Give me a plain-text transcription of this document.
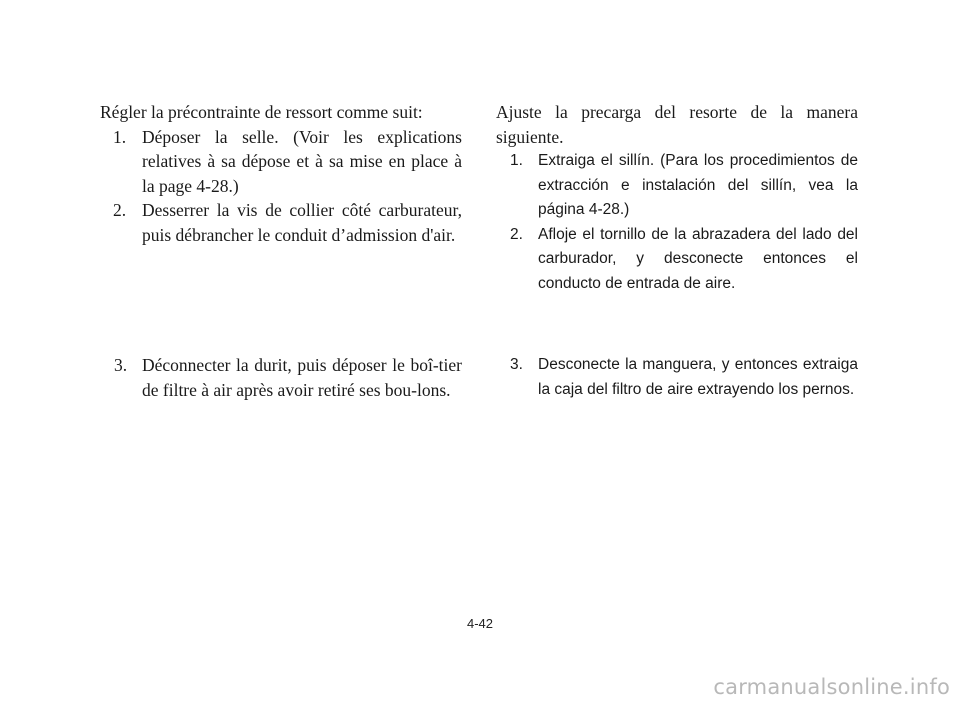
Régler la précontrainte de ressort comme suit:

1. Déposer la selle. (Voir les explications relatives à sa dépose et à sa mise en place à la page 4-28.)
2. Desserrer la vis de collier côté carburateur, puis débrancher le conduit d’admission d'air.
3. Déconnecter la durit, puis déposer le boî-tier de filtre à air après avoir retiré ses bou-lons.

Ajuste la precarga del resorte de la manera siguiente.

1. Extraiga el sillín. (Para los procedimientos de extracción e instalación del sillín, vea la página 4-28.)
2. Afloje el tornillo de la abrazadera del lado del carburador, y desconecte entonces el conducto de entrada de aire.
3. Desconecte la manguera, y entonces extraiga la caja del filtro de aire extrayendo los pernos.
4-42
carmanualsonline.info
